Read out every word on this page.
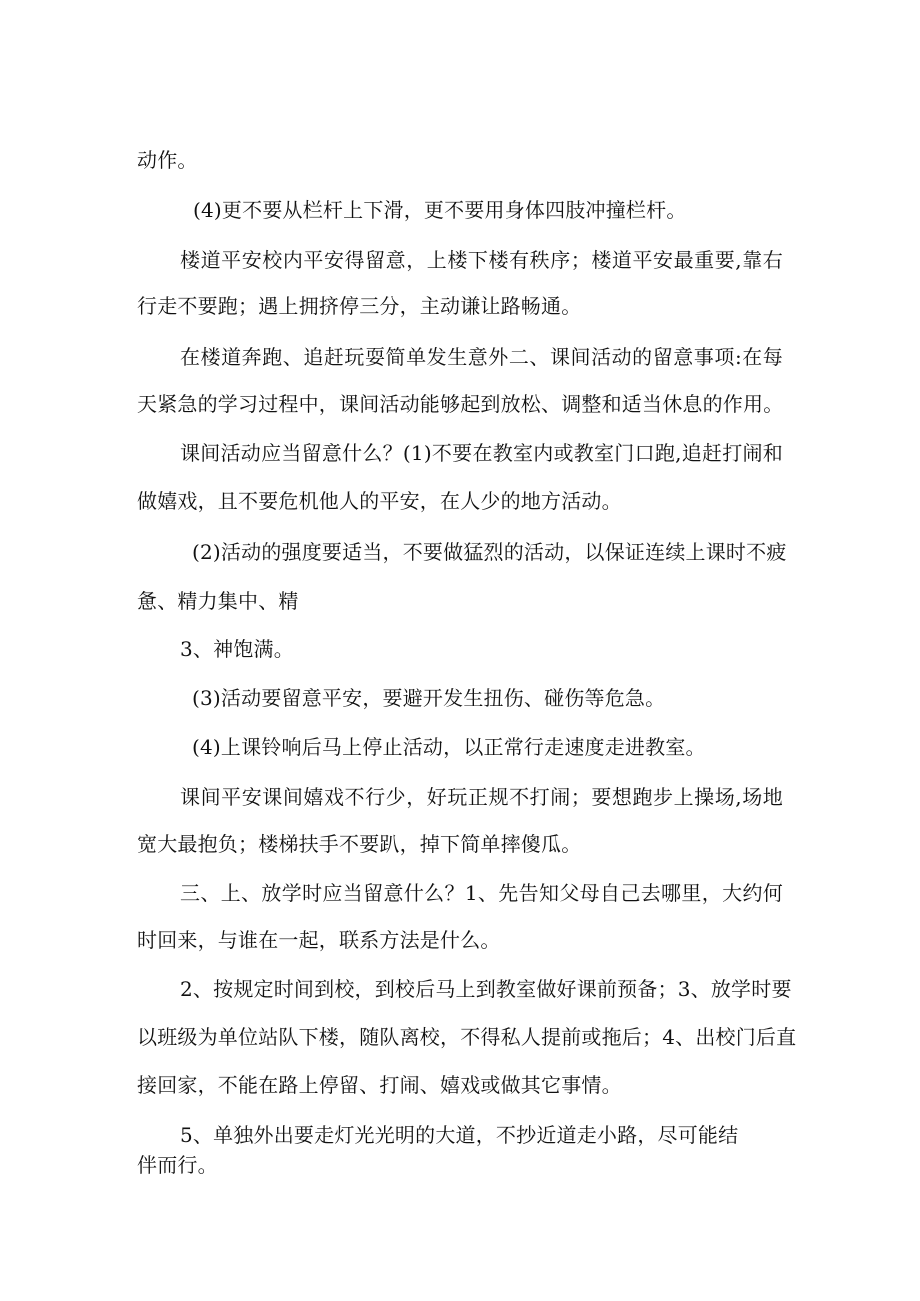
动作。
(4)更不要从栏杆上下滑，更不要用身体四肢冲撞栏杆。
楼道平安校内平安得留意，上楼下楼有秩序；楼道平安最重要,靠右
行走不要跑；遇上拥挤停三分，主动谦让路畅通。
在楼道奔跑、追赶玩耍简单发生意外二、课间活动的留意事项:在每
天紧急的学习过程中，课间活动能够起到放松、调整和适当休息的作用。
课间活动应当留意什么？(1)不要在教室内或教室门口跑,追赶打闹和
做嬉戏，且不要危机他人的平安，在人少的地方活动。
(2)活动的强度要适当，不要做猛烈的活动，以保证连续上课时不疲
惫、精力集中、精
3、神饱满。
(3)活动要留意平安，要避开发生扭伤、碰伤等危急。
(4)上课铃响后马上停止活动，以正常行走速度走进教室。
课间平安课间嬉戏不行少，好玩正规不打闹；要想跑步上操场,场地
宽大最抱负；楼梯扶手不要趴，掉下简单摔傻瓜。
三、上、放学时应当留意什么？1、先告知父母自己去哪里，大约何
时回来，与谁在一起，联系方法是什么。
2、按规定时间到校，到校后马上到教室做好课前预备；3、放学时要
以班级为单位站队下楼，随队离校，不得私人提前或拖后；4、出校门后直
接回家，不能在路上停留、打闹、嬉戏或做其它事情。
5、单独外出要走灯光光明的大道，不抄近道走小路，尽可能结
伴而行。
